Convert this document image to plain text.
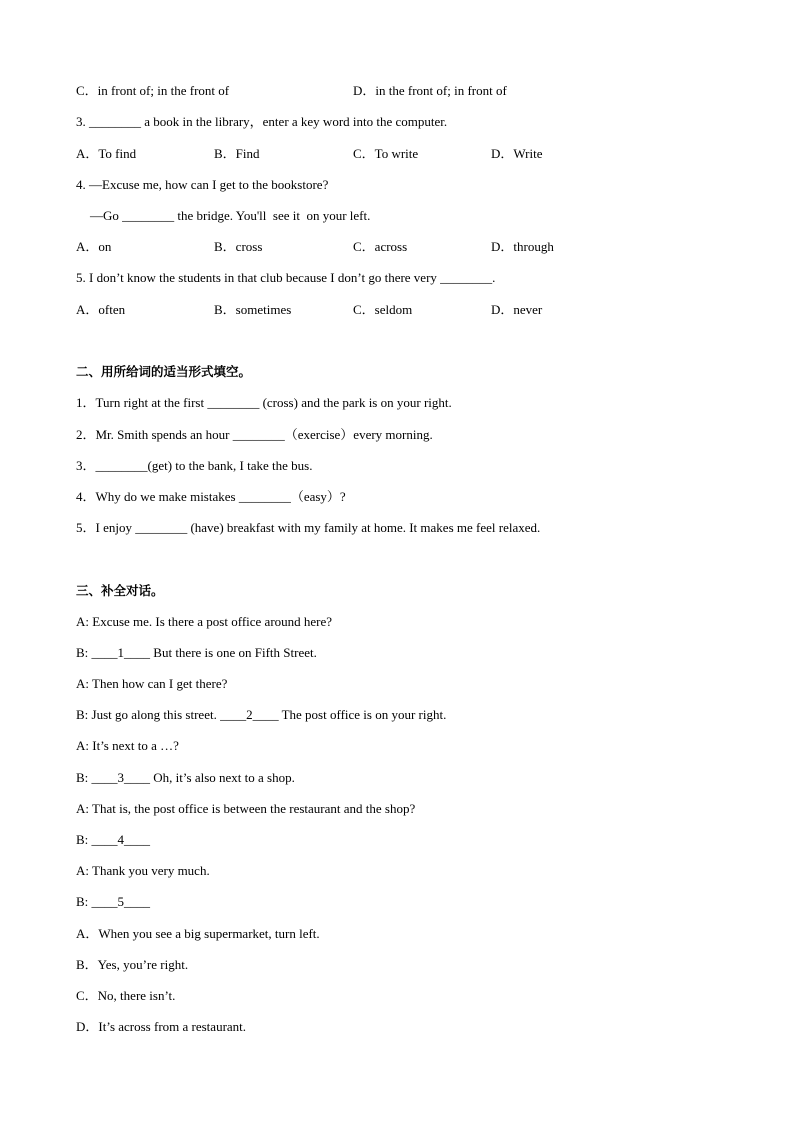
C．in front of; in the front of	D．in the front of; in front of
3. ________ a book in the library，enter a key word into the computer.
A．To find	B．Find	C．To write	D．Write
4. —Excuse me, how can I get to the bookstore?
—Go ________ the bridge. You'll  see it  on your left.
A．on	B．cross	C．across	D．through
5. I don’t know the students in that club because I don’t go there very ________.
A．often	B．sometimes	C．seldom	D．never
二、用所给词的适当形式填空。
1．Turn right at the first ________ (cross) and the park is on your right.
2．Mr. Smith spends an hour ________（exercise）every morning.
3．________(get) to the bank, I take the bus.
4．Why do we make mistakes ________（easy）?
5．I enjoy ________ (have) breakfast with my family at home. It makes me feel relaxed.
三、补全对话。
A: Excuse me. Is there a post office around here?
B: ____1____ But there is one on Fifth Street.
A: Then how can I get there?
B: Just go along this street. ____2____ The post office is on your right.
A: It’s next to a …?
B: ____3____ Oh, it’s also next to a shop.
A: That is, the post office is between the restaurant and the shop?
B: ____4____
A: Thank you very much.
B: ____5____
A．When you see a big supermarket, turn left.
B．Yes, you’re right.
C．No, there isn’t.
D．It’s across from a restaurant.
